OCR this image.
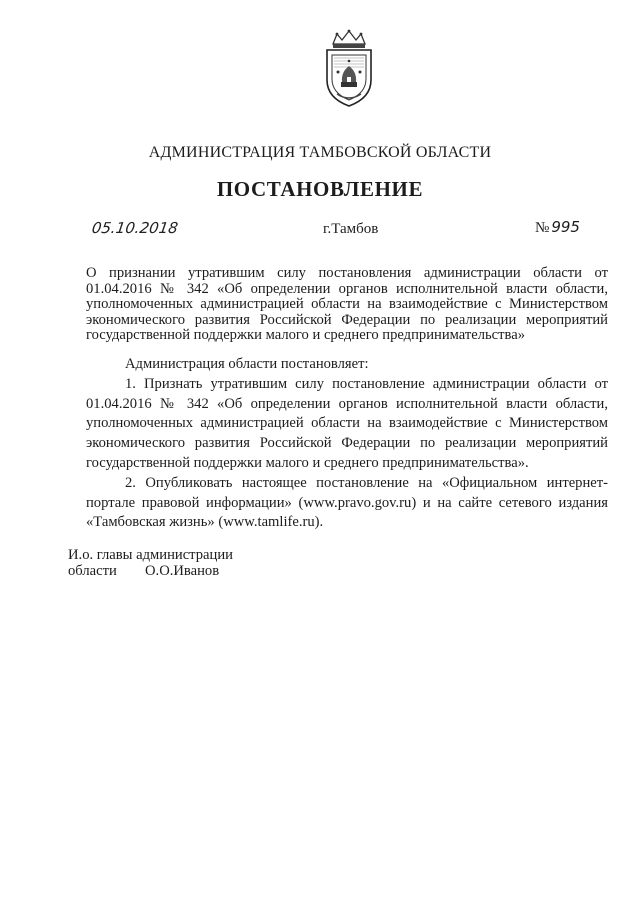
АДМИНИСТРАЦИЯ ТАМБОВСКОЙ ОБЛАСТИ
ПОСТАНОВЛЕНИЕ
05.10.2018	г.Тамбов	№ 995
О признании утратившим силу постановления администрации области от 01.04.2016 № 342 «Об определении органов исполнительной власти области, уполномоченных администрацией области на взаимодействие с Министерством экономического развития Российской Федерации по реализации мероприятий государственной поддержки малого и среднего предпринимательства»

Администрация области постановляет:

1. Признать утратившим силу постановление администрации области от 01.04.2016 № 342 «Об определении органов исполнительной власти области, уполномоченных администрацией области на взаимодействие с Министерством экономического развития Российской Федерации по реализации мероприятий государственной поддержки малого и среднего предпринимательства».

2. Опубликовать настоящее постановление на «Официальном интернет-портале правовой информации» (www.pravo.gov.ru) и на сайте сетевого издания «Тамбовская жизнь» (www.tamlife.ru).

И.о. главы администрации
области О.О.Иванов
